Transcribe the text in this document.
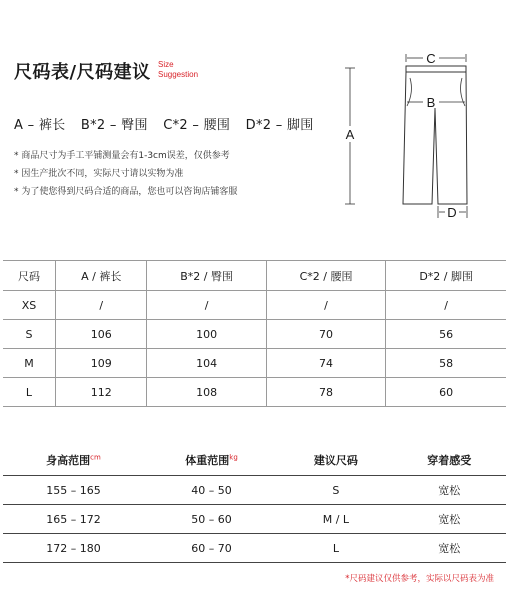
尺码表/尺码建议 Size
Suggestion
A – 裤长 B*2 – 臀围 C*2 – 腰围 D*2 – 脚围
* 商品尺寸为手工平铺测量会有1-3cm误差，仅供参考
* 因生产批次不同，实际尺寸请以实物为准
* 为了使您得到尺码合适的商品，您也可以咨询店铺客服
C
B
A
D
尺码	A / 裤长	B*2 / 臀围	C*2 / 腰围	D*2 / 脚围
XS	/	/	/	/
S	106	100	70	56
M	109	104	74	58
L	112	108	78	60
身高范围$^{cm}$	体重范围$^{kg}$	建议尺码	穿着感受
155 – 165	40 – 50	S	宽松
165 – 172	50 – 60	M / L	宽松
172 – 180	60 – 70	L	宽松
*尺码建议仅供参考，实际以尺码表为准
